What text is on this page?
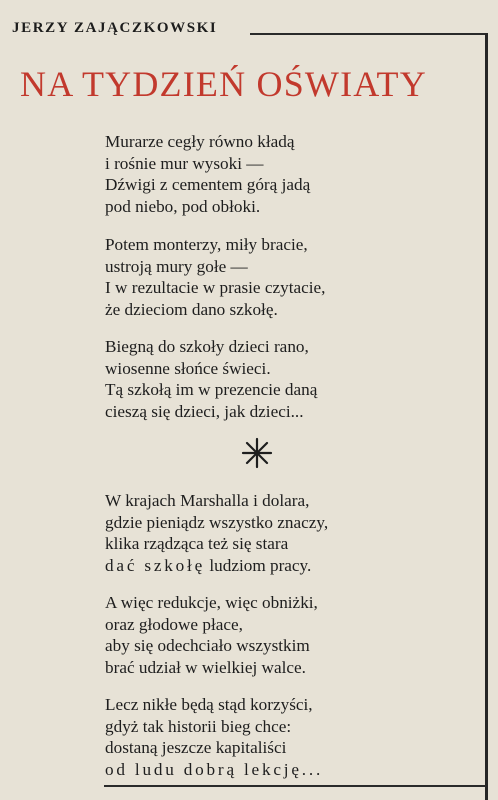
JERZY ZAJĄCZKOWSKI
NA TYDZIEŃ OŚWIATY
Murarze cegły równo kładą
i rośnie mur wysoki —
Dźwigi z cementem górą jadą
pod niebo, pod obłoki.
Potem monterzy, miły bracie,
ustroją mury gołe —
I w rezultacie w prasie czytacie,
że dzieciom dano szkołę.
Biegną do szkoły dzieci rano,
wiosenne słońce świeci.
Tą szkołą im w prezencie daną
cieszą się dzieci, jak dzieci...
W krajach Marshalla i dolara,
gdzie pieniądz wszystko znaczy,
klika rządząca też się stara
dać szkołę ludziom pracy.
A więc redukcje, więc obniżki,
oraz głodowe płace,
aby się odechciało wszystkim
brać udział w wielkiej walce.
Lecz nikłe będą stąd korzyści,
gdyż tak historii bieg chce:
dostaną jeszcze kapitaliści
od ludu dobrą lekcję...
